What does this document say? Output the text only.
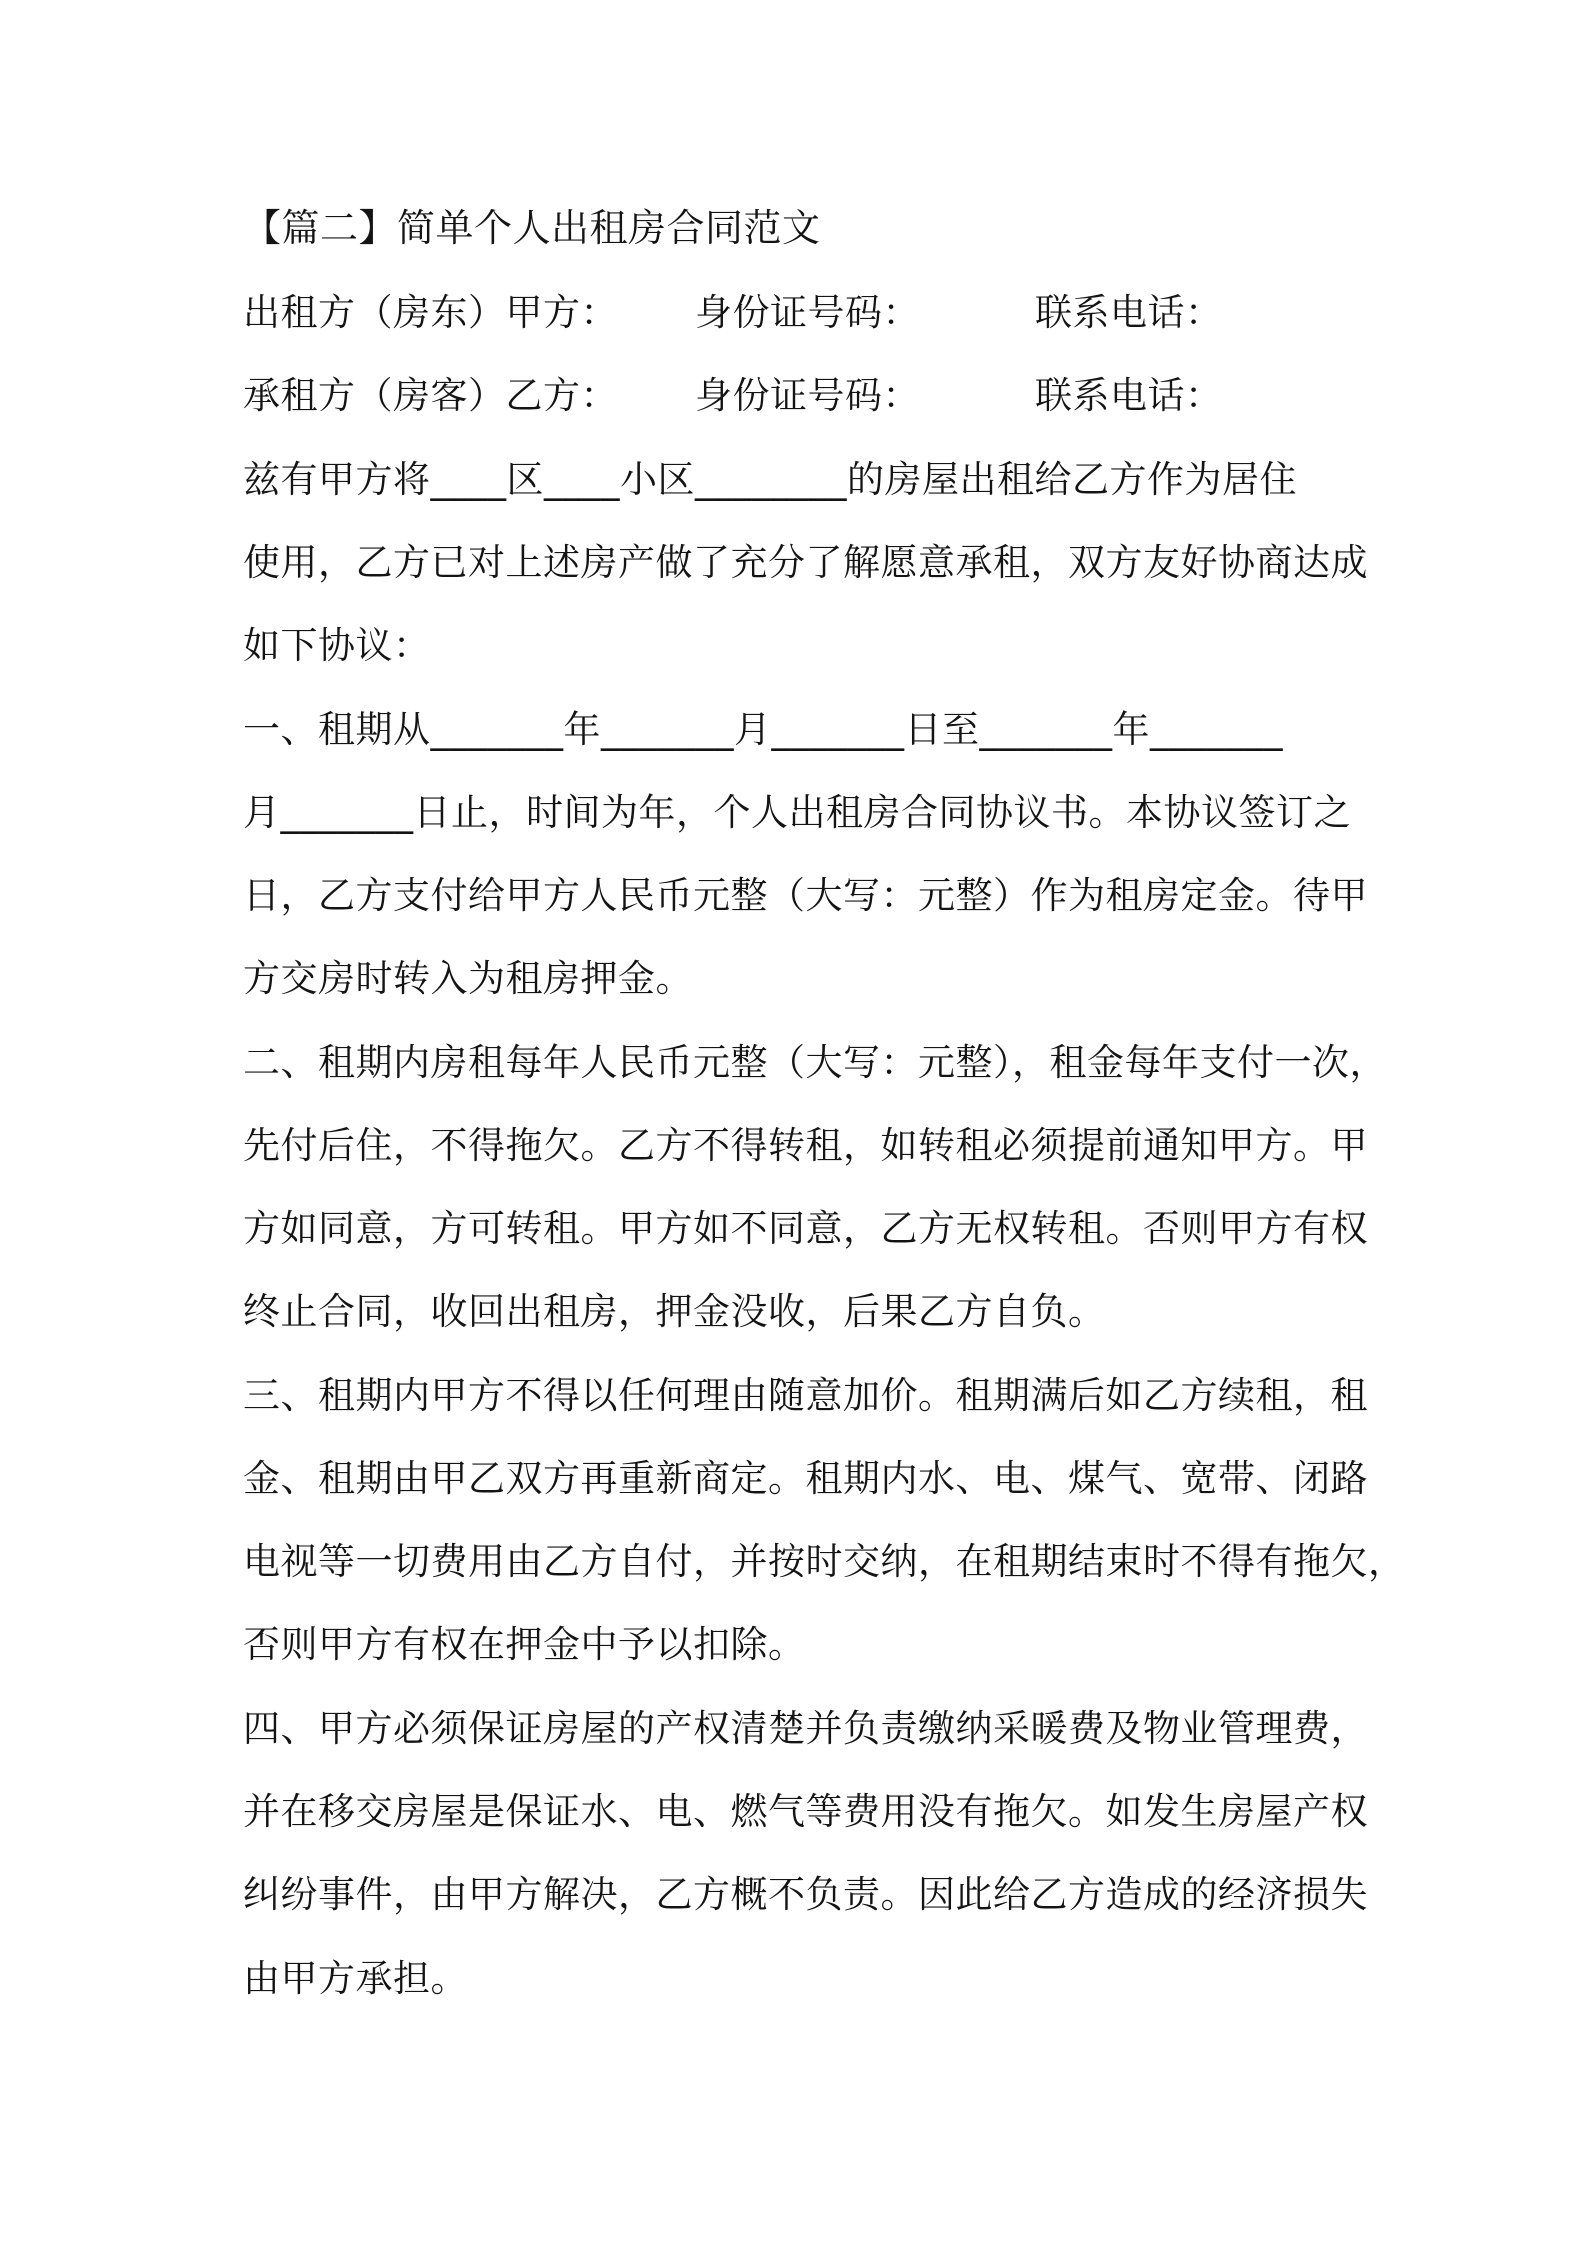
【篇二】简单个人出租房合同范文

出租方（房东）甲方：

身份证号码：

	联系电话：

承租方（房客）乙方：

身份证号码：

	联系电话：

兹有甲方将____区____小区________的房屋出租给乙方作为居住
使用，乙方已对上述房产做了充分了解愿意承租，双方友好协商达成
如下协议：
一、租期从_______年_______月_______日至_______年_______
月_______日止，时间为年，个人出租房合同协议书。本协议签订之
日，乙方支付给甲方人民币元整（大写：元整）作为租房定金。待甲
方交房时转入为租房押金。
二、租期内房租每年人民币元整（大写：元整），租金每年支付一次，
先付后住，不得拖欠。乙方不得转租，如转租必须提前通知甲方。甲
方如同意，方可转租。甲方如不同意，乙方无权转租。否则甲方有权
终止合同，收回出租房，押金没收，后果乙方自负。
三、租期内甲方不得以任何理由随意加价。租期满后如乙方续租，租
金、租期由甲乙双方再重新商定。租期内水、电、煤气、宽带、闭路
电视等一切费用由乙方自付，并按时交纳，在租期结束时不得有拖欠，
否则甲方有权在押金中予以扣除。
四、甲方必须保证房屋的产权清楚并负责缴纳采暖费及物业管理费，
并在移交房屋是保证水、电、燃气等费用没有拖欠。如发生房屋产权
纠纷事件，由甲方解决，乙方概不负责。因此给乙方造成的经济损失
由甲方承担。
